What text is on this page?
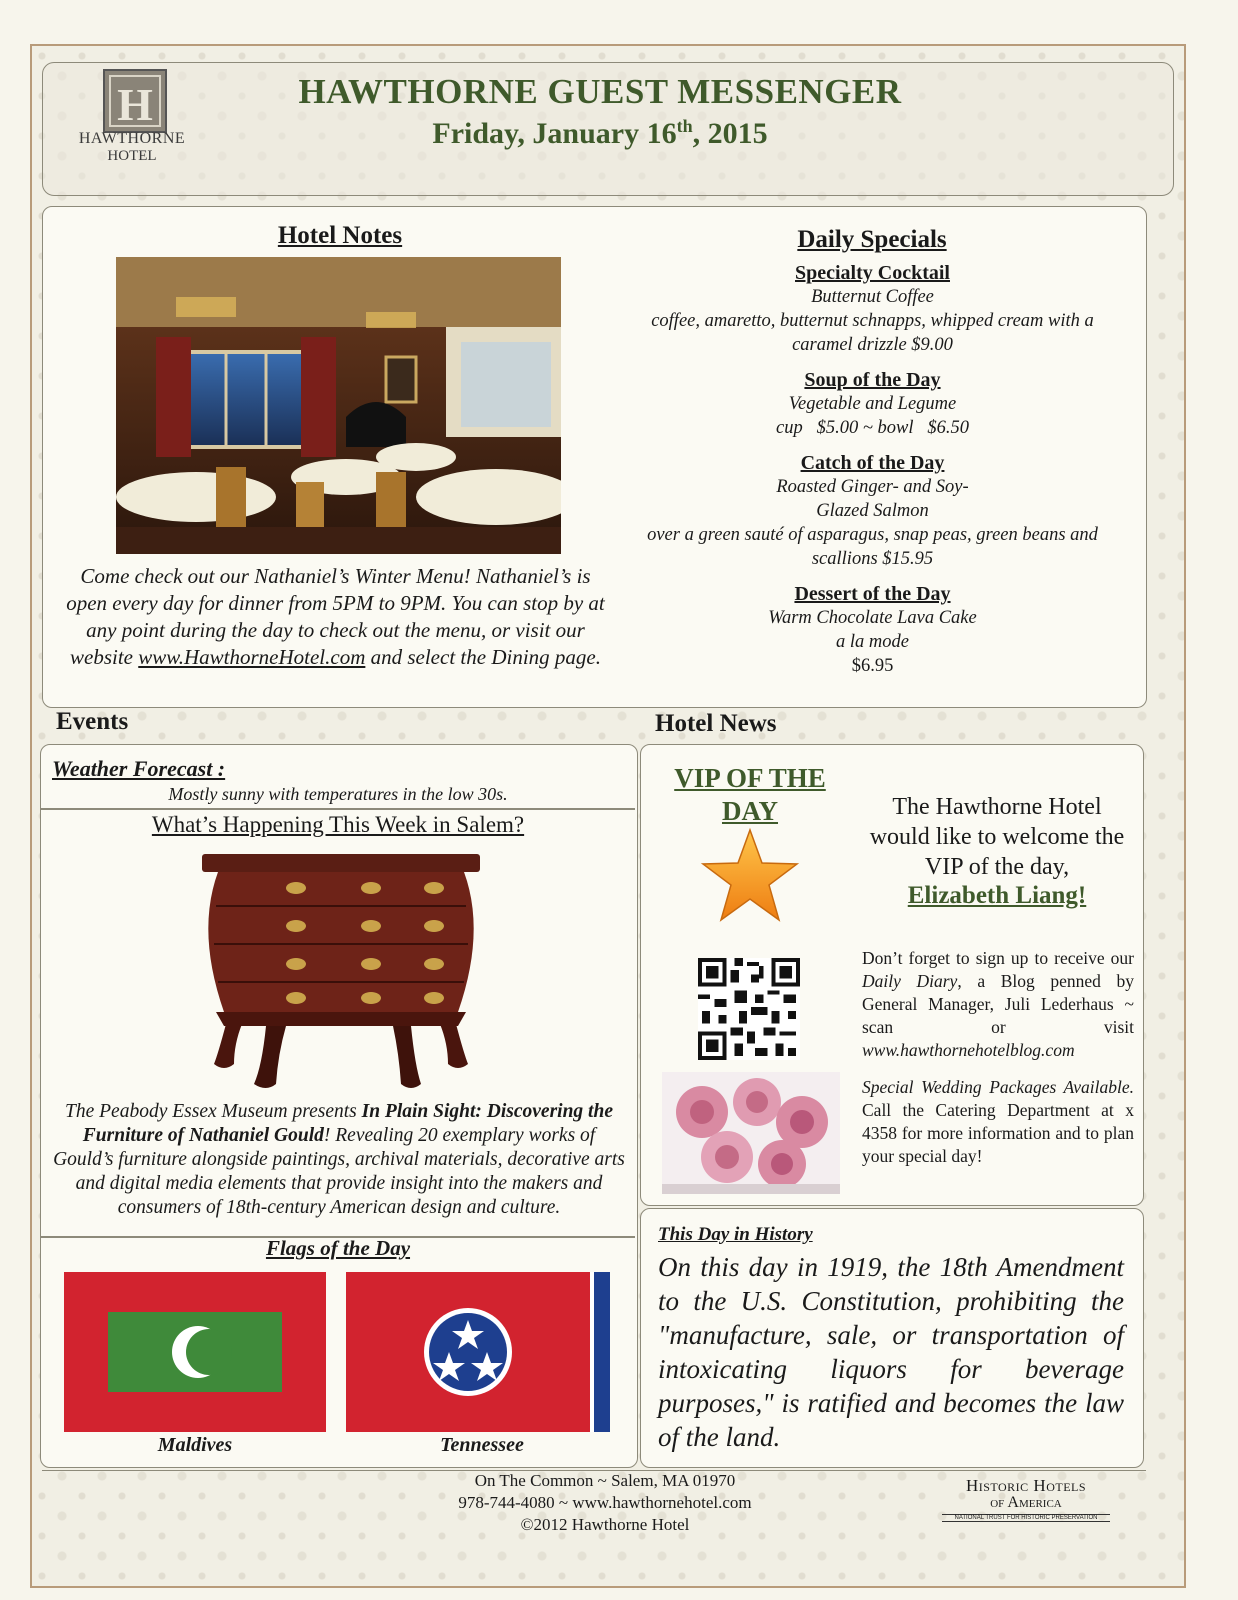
H
HAWTHORNE
HOTEL
HAWTHORNE GUEST MESSENGER
Friday, January 16th, 2015
Hotel Notes
Come check out our Nathaniel’s Winter Menu! Nathaniel’s is open every day for dinner from 5PM to 9PM. You can stop by at any point during the day to check out the menu, or visit our website www.HawthorneHotel.com and select the Dining page.
Daily Specials
Specialty Cocktail
Butternut Coffee
coffee, amaretto, butternut schnapps, whipped cream with a
caramel drizzle $9.00
Soup of the Day
Vegetable and Legume
cup   $5.00 ~ bowl   $6.50
Catch of the Day
Roasted Ginger- and Soy-
Glazed Salmon
over a green sauté of asparagus, snap peas, green beans and
scallions $15.95
Dessert of the Day
Warm Chocolate Lava Cake
a la mode
$6.95
Events
Weather Forecast :
Mostly sunny with temperatures in the low 30s.
What’s Happening This Week in Salem?
The Peabody Essex Museum presents In Plain Sight: Discovering the Furniture of Nathaniel Gould! Revealing 20 exemplary works of Gould’s furniture alongside paintings, archival materials, decorative arts and digital media elements that provide insight into the makers and consumers of 18th-century American design and culture.
Flags of the Day
Maldives	Tennessee
Hotel News
VIP OF THE
DAY	The Hawthorne Hotel would like to welcome the VIP of the day,
Elizabeth Liang!
Don’t forget to sign up to receive our Daily Diary, a Blog penned by General Manager, Juli Lederhaus ~ scan or visit www.hawthornehotelblog.com
Special Wedding Packages Available. Call the Catering Department at x 4358 for more information and to plan your special day!
This Day in History
On this day in 1919, the 18th Amendment to the U.S. Constitution, prohibiting the "manufacture, sale, or transportation of intoxicating liquors for beverage purposes," is ratified and becomes the law of the land.
On The Common ~ Salem, MA 01970
978-744-4080 ~ www.hawthornehotel.com
©2012 Hawthorne Hotel
Historic Hotels
of America
NATIONAL TRUST FOR HISTORIC PRESERVATION
